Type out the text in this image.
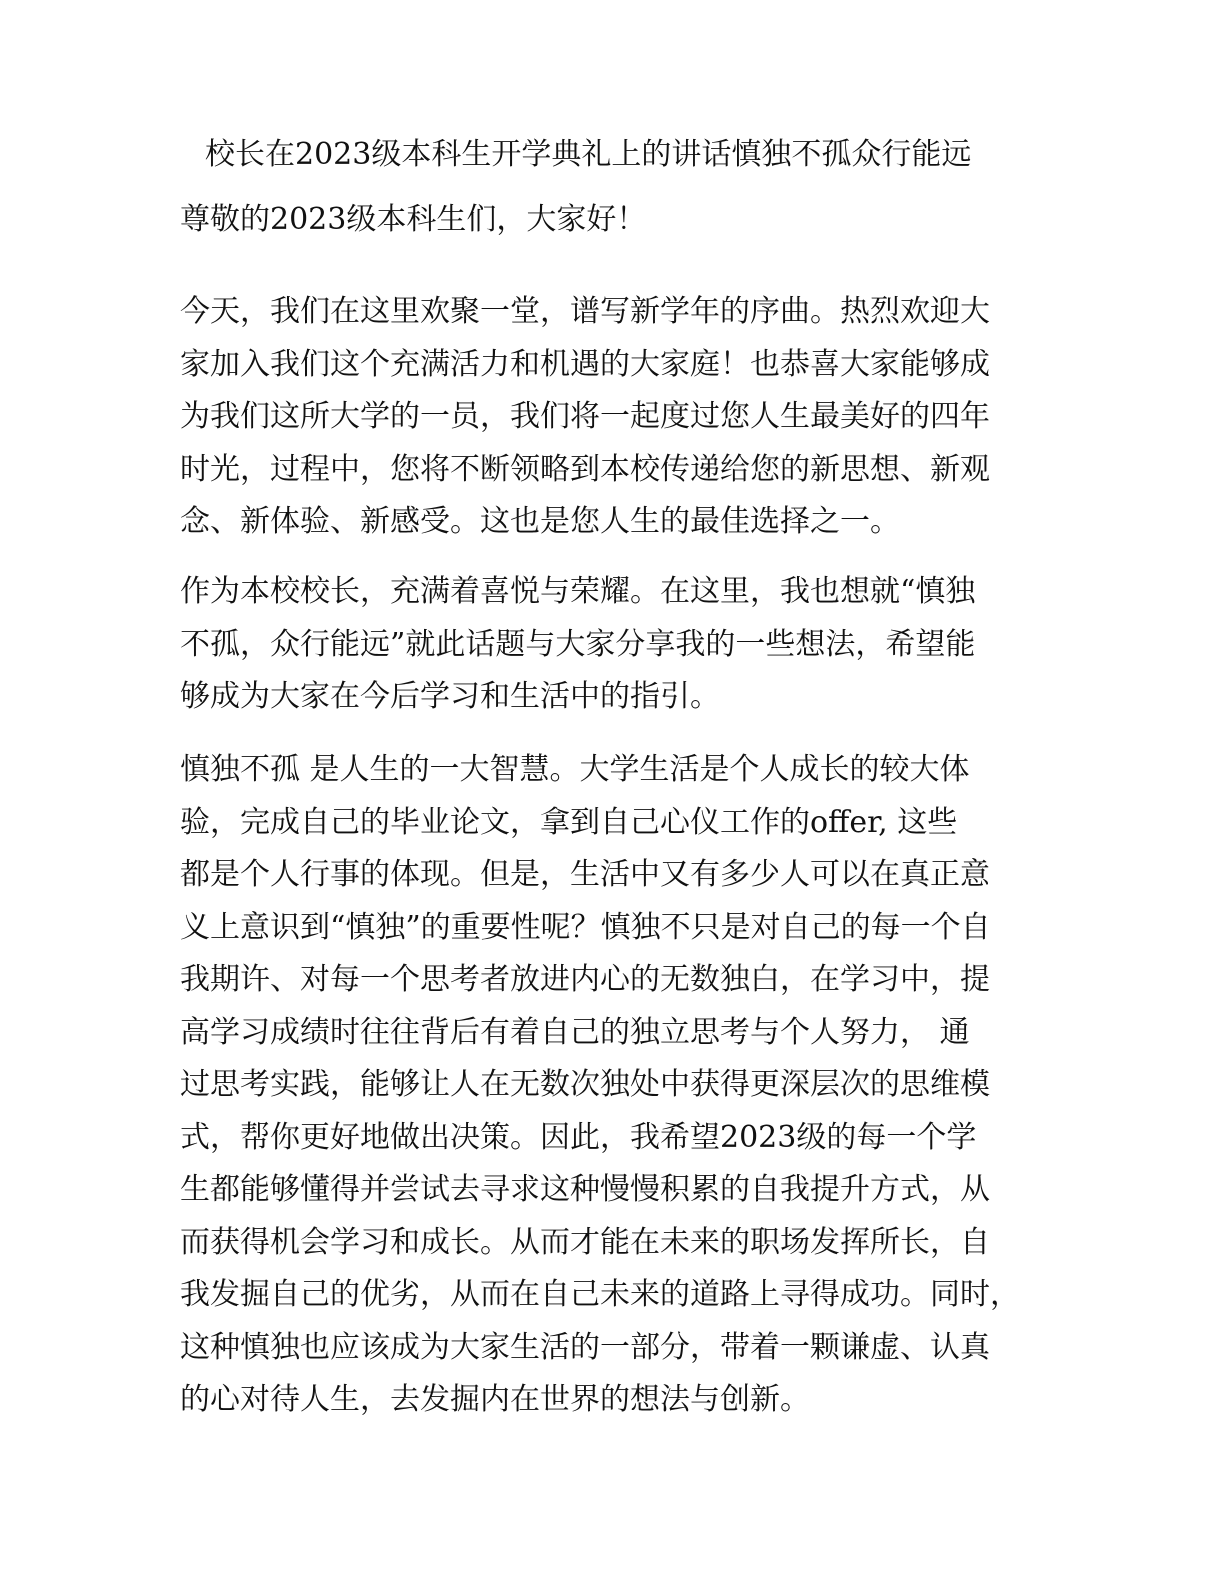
校长在2023级本科生开学典礼上的讲话慎独不孤众行能远

尊敬的2023级本科生们，大家好！

今天，我们在这里欢聚一堂，谱写新学年的序曲。热烈欢迎大
家加入我们这个充满活力和机遇的大家庭！也恭喜大家能够成
为我们这所大学的一员，我们将一起度过您人生最美好的四年
时光，过程中，您将不断领略到本校传递给您的新思想、新观
念、新体验、新感受。这也是您人生的最佳选择之一。
作为本校校长，充满着喜悦与荣耀。在这里，我也想就“慎独
不孤，众行能远”就此话题与大家分享我的一些想法，希望能
够成为大家在今后学习和生活中的指引。
慎独不孤 是人生的一大智慧。大学生活是个人成长的较大体
验，完成自己的毕业论文，拿到自己心仪工作的offer, 这些
都是个人行事的体现。但是，生活中又有多少人可以在真正意
义上意识到“慎独”的重要性呢？慎独不只是对自己的每一个自
我期许、对每一个思考者放进内心的无数独白，在学习中，提
高学习成绩时往往背后有着自己的独立思考与个人努力， 通
过思考实践，能够让人在无数次独处中获得更深层次的思维模
式，帮你更好地做出决策。因此，我希望2023级的每一个学
生都能够懂得并尝试去寻求这种慢慢积累的自我提升方式，从
而获得机会学习和成长。从而才能在未来的职场发挥所长，自
我发掘自己的优劣，从而在自己未来的道路上寻得成功。同时，
这种慎独也应该成为大家生活的一部分，带着一颗谦虚、认真
的心对待人生，去发掘内在世界的想法与创新。
